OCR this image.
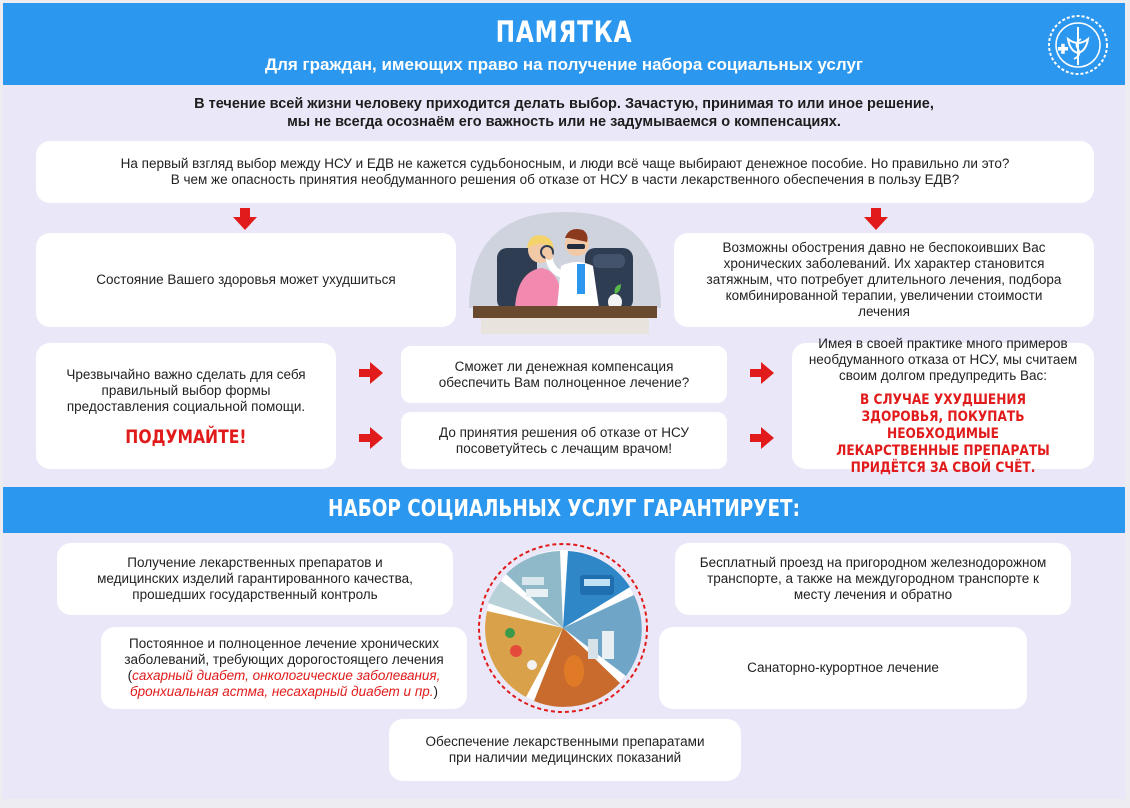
ПАМЯТКА
Для граждан, имеющих право на получение набора социальных услуг
В течение всей жизни человеку приходится делать выбор. Зачастую, принимая то или иное решение,
мы не всегда осознаём его важность или не задумываемся о компенсациях.
На первый взгляд выбор между НСУ и ЕДВ не кажется судьбоносным, и люди всё чаще выбирают денежное пособие. Но правильно ли это?
В чем же опасность принятия необдуманного решения об отказе от НСУ в части лекарственного обеспечения в пользу ЕДВ?
Состояние Вашего здоровья может ухудшиться
Возможны обострения давно не беспокоивших Вас хронических заболеваний. Их характер становится затяжным, что потребует длительного лечения, подбора комбинированной терапии, увеличении стоимости лечения
Чрезвычайно важно сделать для себя правильный выбор формы предоставления социальной помощи.
ПОДУМАЙТЕ!
Сможет ли денежная компенсация обеспечить Вам полноценное лечение?
До принятия решения об отказе от НСУ посоветуйтесь с лечащим врачом!
Имея в своей практике много примеров необдуманного отказа от НСУ, мы считаем своим долгом предупредить Вас:
В СЛУЧАЕ УХУДШЕНИЯ ЗДОРОВЬЯ, ПОКУПАТЬ НЕОБХОДИМЫЕ ЛЕКАРСТВЕННЫЕ ПРЕПАРАТЫ ПРИДЁТСЯ ЗА СВОЙ СЧЁТ.
НАБОР СОЦИАЛЬНЫХ УСЛУГ ГАРАНТИРУЕТ:
Получение лекарственных препаратов и медицинских изделий гарантированного качества, прошедших государственный контроль
Бесплатный проезд на пригородном железнодорожном транспорте, а также на междугородном транспорте к месту лечения и обратно
Постоянное и полноценное лечение хронических заболеваний, требующих дорогостоящего лечения
(сахарный диабет, онкологические заболевания, бронхиальная астма, несахарный диабет и пр.)
Санаторно-курортное лечение
Обеспечение лекарственными препаратами при наличии медицинских показаний
